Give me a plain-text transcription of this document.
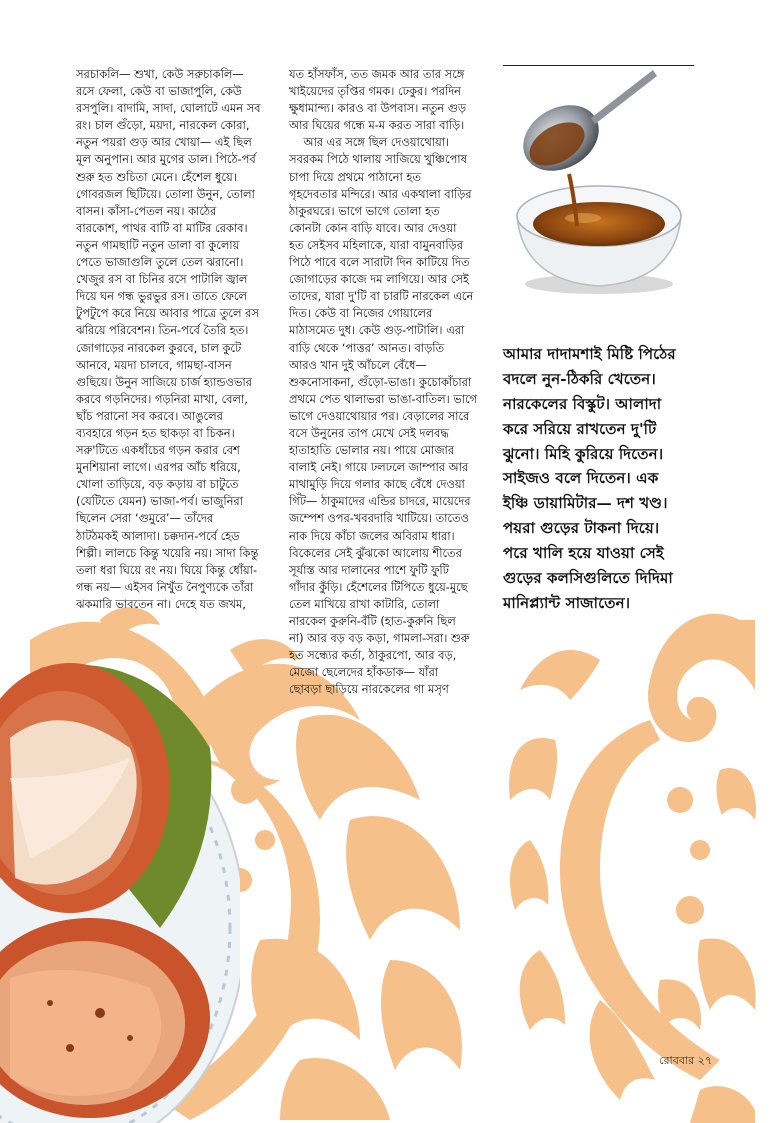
সরচাকলি— শুখা, কেউ সরুচাকলি—
রসে ফেলা, কেউ বা ভাজাপুলি, কেউ
রসপুলি। বাদামি, সাদা, ঘোলাটে এমন সব
রং। চাল গুঁড়ো, ময়দা, নারকেল কোরা,
নতুন পয়রা গুড় আর খোয়া— এই ছিল
মূল অনুপান। আর মুগের ডাল। পিঠে-পর্ব
শুরু হত শুচিতা মেনে। হেঁশেল ধুয়ে।
গোবরজল ছিটিয়ে। তোলা উনুন, তোলা
বাসন। কাঁসা-পেতল নয়। কাঠের
বারকোশ, পাথর বাটি বা মাটির রেকাব।
নতুন গামছাটি নতুন ডালা বা কুলোয়
পেতে ভাজাগুলি তুলে তেল ঝরানো।
খেজুর রস বা চিনির রসে পাটালি জ্বাল
দিয়ে ঘন গন্ধ ভুরভুর রস। তাতে ফেলে
টুপটুপে করে নিয়ে আবার পাত্রে তুলে রস
ঝরিয়ে পরিবেশন। তিন-পর্বে তৈরি হত।
জোগাড়ের নারকেল কুরবে, চাল কুটে
আনবে, ময়দা চালবে, গামছা-বাসন
গুছিয়ে। উনুন সাজিয়ে চার্জ হ্যান্ডওভার
করবে গড়নিদের। গড়নিরা মাখা, বেলা,
ছাঁচ পরানো সব করবে। আঙুলের
ব্যবহারে গড়ন হত ছাকড়া বা চিকন।
সরু'টিতে একধাঁচের গড়ন করার বেশ
মুনশিয়ানা লাগে। এরপর আঁচ ধরিয়ে,
খোলা তাড়িয়ে, বড় কড়ায় বা চাটুতে
(যেটিতে যেমন) ভাজা-পর্ব। ভাজুনিরা
ছিলেন সেরা ‘গুমুরে’— তাঁদের
ঠাটঠমকই আলাদা। চক্কদান-পর্বে হেড
শিল্পী। লালচে কিন্তু খয়েরি নয়। সাদা কিন্তু
তলা ধরা ঘিয়ে রং নয়। ঘিয়ে কিন্তু ধোঁয়া-
গন্ধ নয়— এইসব নিখুঁত নৈপুণ্যকে তাঁরা
ঝকমারি ভাবতেন না। দেহে যত জখম,
যত হাঁসফাঁস, তত জমক আর তার সঙ্গে
খাইয়েদের তৃপ্তির গমক। ঢেকুর। পরদিন
ক্ষুধামান্দ্য। কারও বা উপবাস। নতুন গুড়
আর ঘিয়ের গন্ধে ম-ম করত সারা বাড়ি।
আর এর সঙ্গে ছিল দেওয়াথোয়া।
সবরকম পিঠে থালায় সাজিয়ে খুঞ্চিপোষ
চাপা দিয়ে প্রথমে পাঠানো হত
গৃহদেবতার মন্দিরে। আর একথালা বাড়ির
ঠাকুরঘরে। ভাগে ভাগে তোলা হত
কোনটা কোন বাড়ি যাবে। আর দেওয়া
হত সেইসব মহিলাকে, যারা বামুনবাড়ির
পিঠে পাবে বলে সারাটা দিন কাটিয়ে দিত
জোগাড়ের কাজে দম লাগিয়ে। আর সেই
তাদের, যারা দু'টি বা চারটি নারকেল এনে
দিত। কেউ বা নিজের গোয়ালের
মাঠাসমেত দুধ। কেউ গুড়-পাটালি। এরা
বাড়ি থেকে ‘পাত্তর’ আনত। বাড়তি
আরও খান দুই আঁচলে বেঁধে—
শুকনোসাকনা, গুঁড়ো-ভাঙা। কুচোকাঁচারা
প্রথমে পেত থালাভরা ভাঙা-বাতিল। ভাগে
ভাগে দেওয়াথোয়ার পর। বেড়ালের সারে
বসে উনুনের তাপ মেখে সেই দলবদ্ধ
হাতাহাতি ভোলার নয়। পায়ে মোজার
বালাই নেই। গায়ে ঢলঢলে জাম্পার আর
মাথামুড়ি দিয়ে গলার কাছে বেঁধে দেওয়া
গিঁট— ঠাকুমাদের এন্ডির চাদরে, মায়েদের
জম্পেশ ওপর-খবরদারি খাটিয়ে। তাতেও
নাক দিয়ে কাঁচা জলের অবিরাম ধারা।
বিকেলের সেই ঝুঁঝকো আলোয় শীতের
সূর্যাস্ত আর দালানের পাশে ফুটি ফুটি
গাঁদার কুঁড়ি। হেঁশেলের টিপিতে ধুয়ে-মুছে
তেল মাখিয়ে রাখা কাটারি, তোলা
নারকেল কুরুনি-বঁটি (হাত-কুরুনি ছিল
না) আর বড় বড় কড়া, গামলা-সরা। শুরু
হত সন্ধ্যের কর্তা, ঠাকুরপো, আর বড়,
মেজো ছেলেদের হাঁকডাক— যাঁরা
ছোবড়া ছাড়িয়ে নারকেলের গা মসৃণ
আমার দাদামশাই মিষ্টি পিঠের
বদলে নুন-ঠিকরি খেতেন।
নারকেলের বিস্কুট। আলাদা
করে সরিয়ে রাখতেন দু'টি
ঝুনো। মিহি কুরিয়ে দিতেন।
সাইজও বলে দিতেন। এক
ইঞ্চি ডায়ামিটার— দশ খণ্ড।
পয়রা গুড়ের টাকনা দিয়ে।
পরে খালি হয়ে যাওয়া সেই
গুড়ের কলসিগুলিতে দিদিমা
মানিপ্ল্যান্ট সাজাতেন।
রোববার ২৭
